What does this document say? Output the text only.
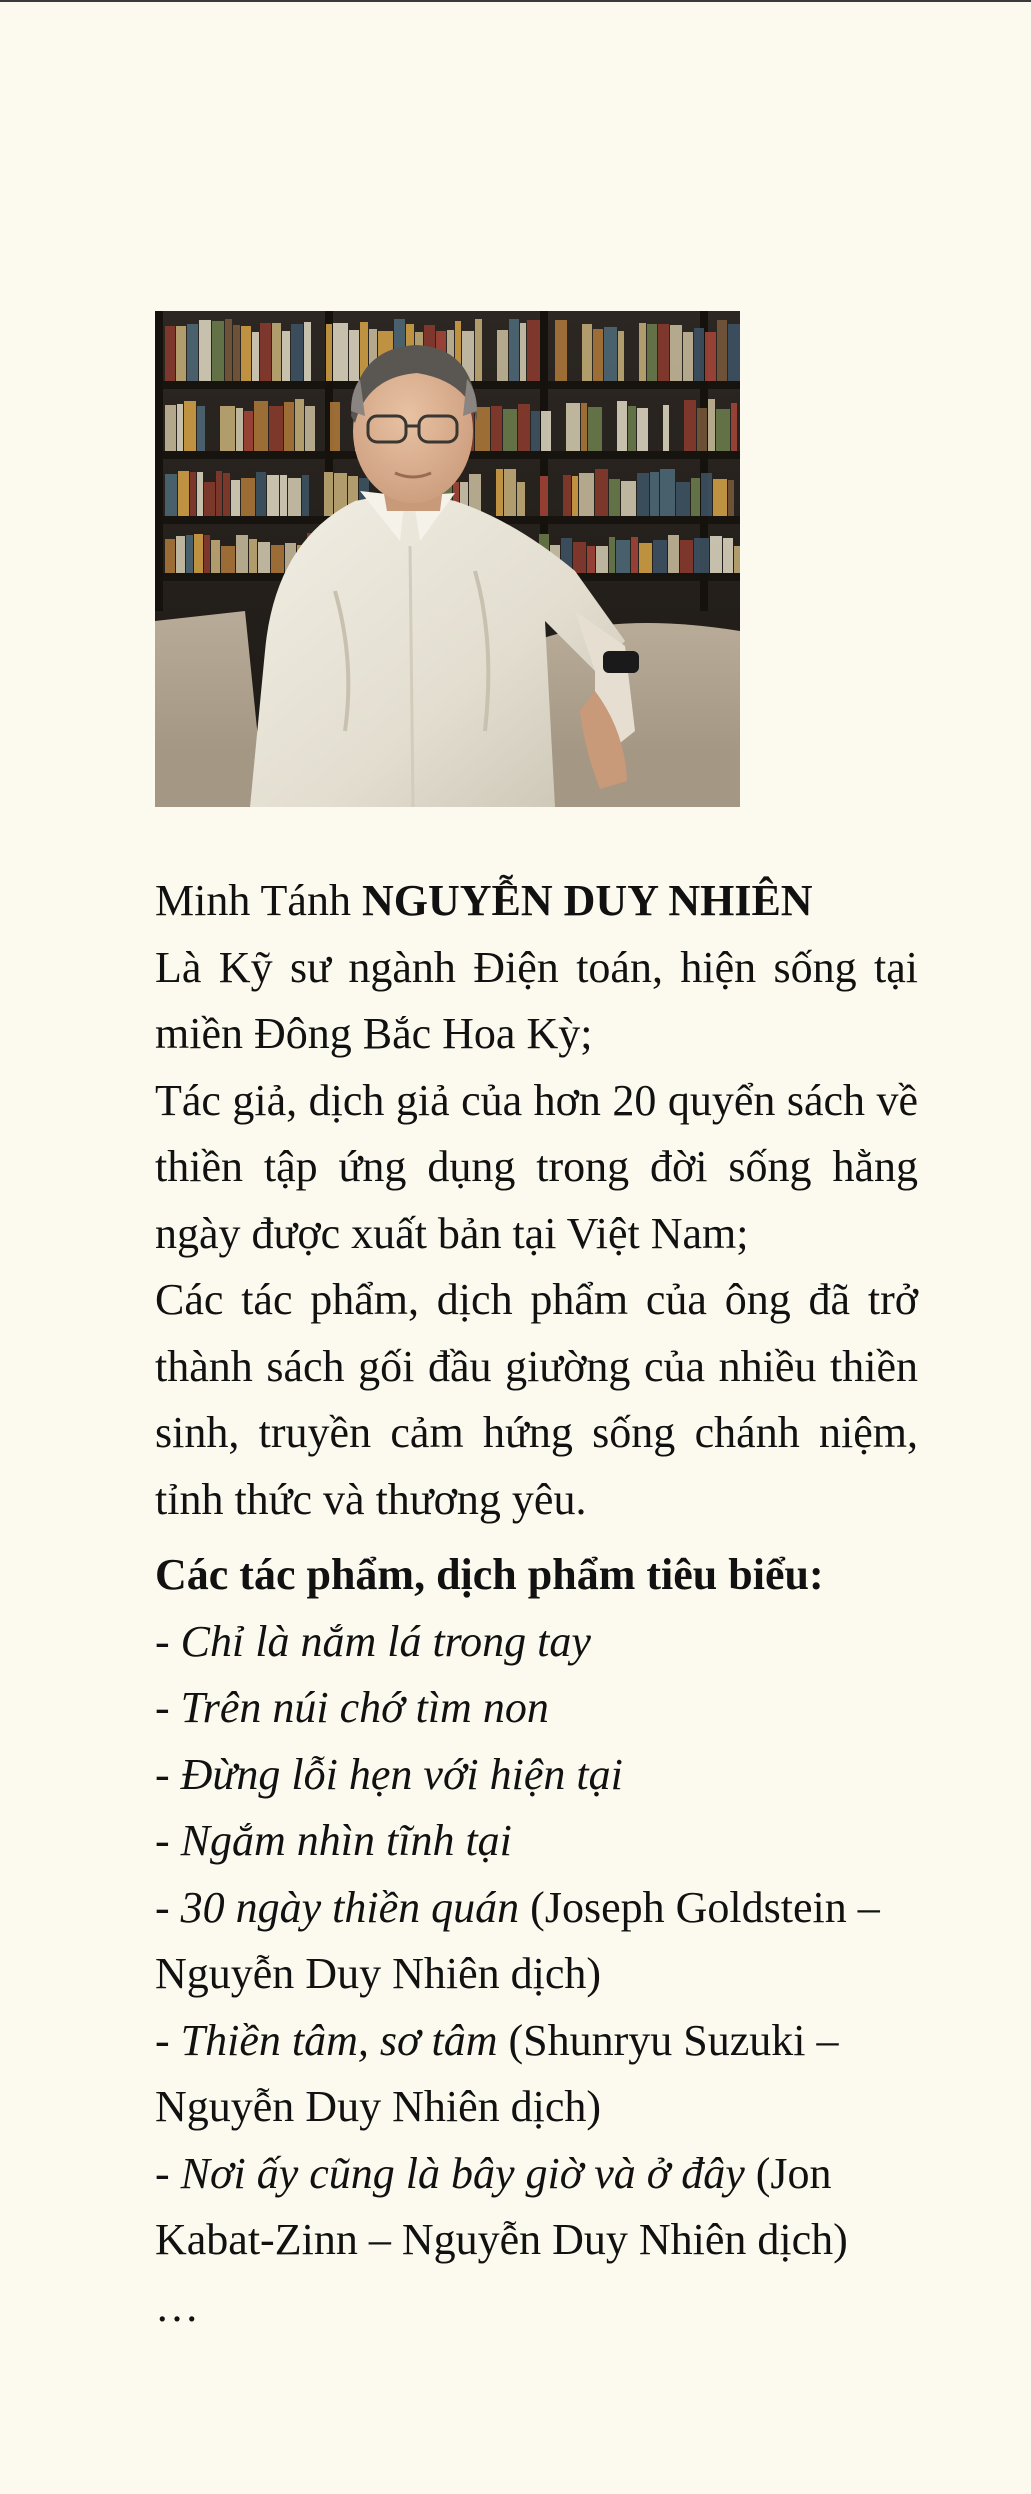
Minh Tánh NGUYỄN DUY NHIÊN

Là Kỹ sư ngành Điện toán, hiện sống tại miền Đông Bắc Hoa Kỳ;
Tác giả, dịch giả của hơn 20 quyển sách về thiền tập ứng dụng trong đời sống hằng ngày được xuất bản tại Việt Nam;
Các tác phẩm, dịch phẩm của ông đã trở thành sách gối đầu giường của nhiều thiền sinh, truyền cảm hứng sống chánh niệm, tỉnh thức và thương yêu.

Các tác phẩm, dịch phẩm tiêu biểu:

- Chỉ là nắm lá trong tay
- Trên núi chớ tìm non
- Đừng lỗi hẹn với hiện tại
- Ngắm nhìn tĩnh tại
- 30 ngày thiền quán (Joseph Goldstein – Nguyễn Duy Nhiên dịch)
- Thiền tâm, sơ tâm (Shunryu Suzuki – Nguyễn Duy Nhiên dịch)
- Nơi ấy cũng là bây giờ và ở đây (Jon Kabat-Zinn – Nguyễn Duy Nhiên dịch)

…
